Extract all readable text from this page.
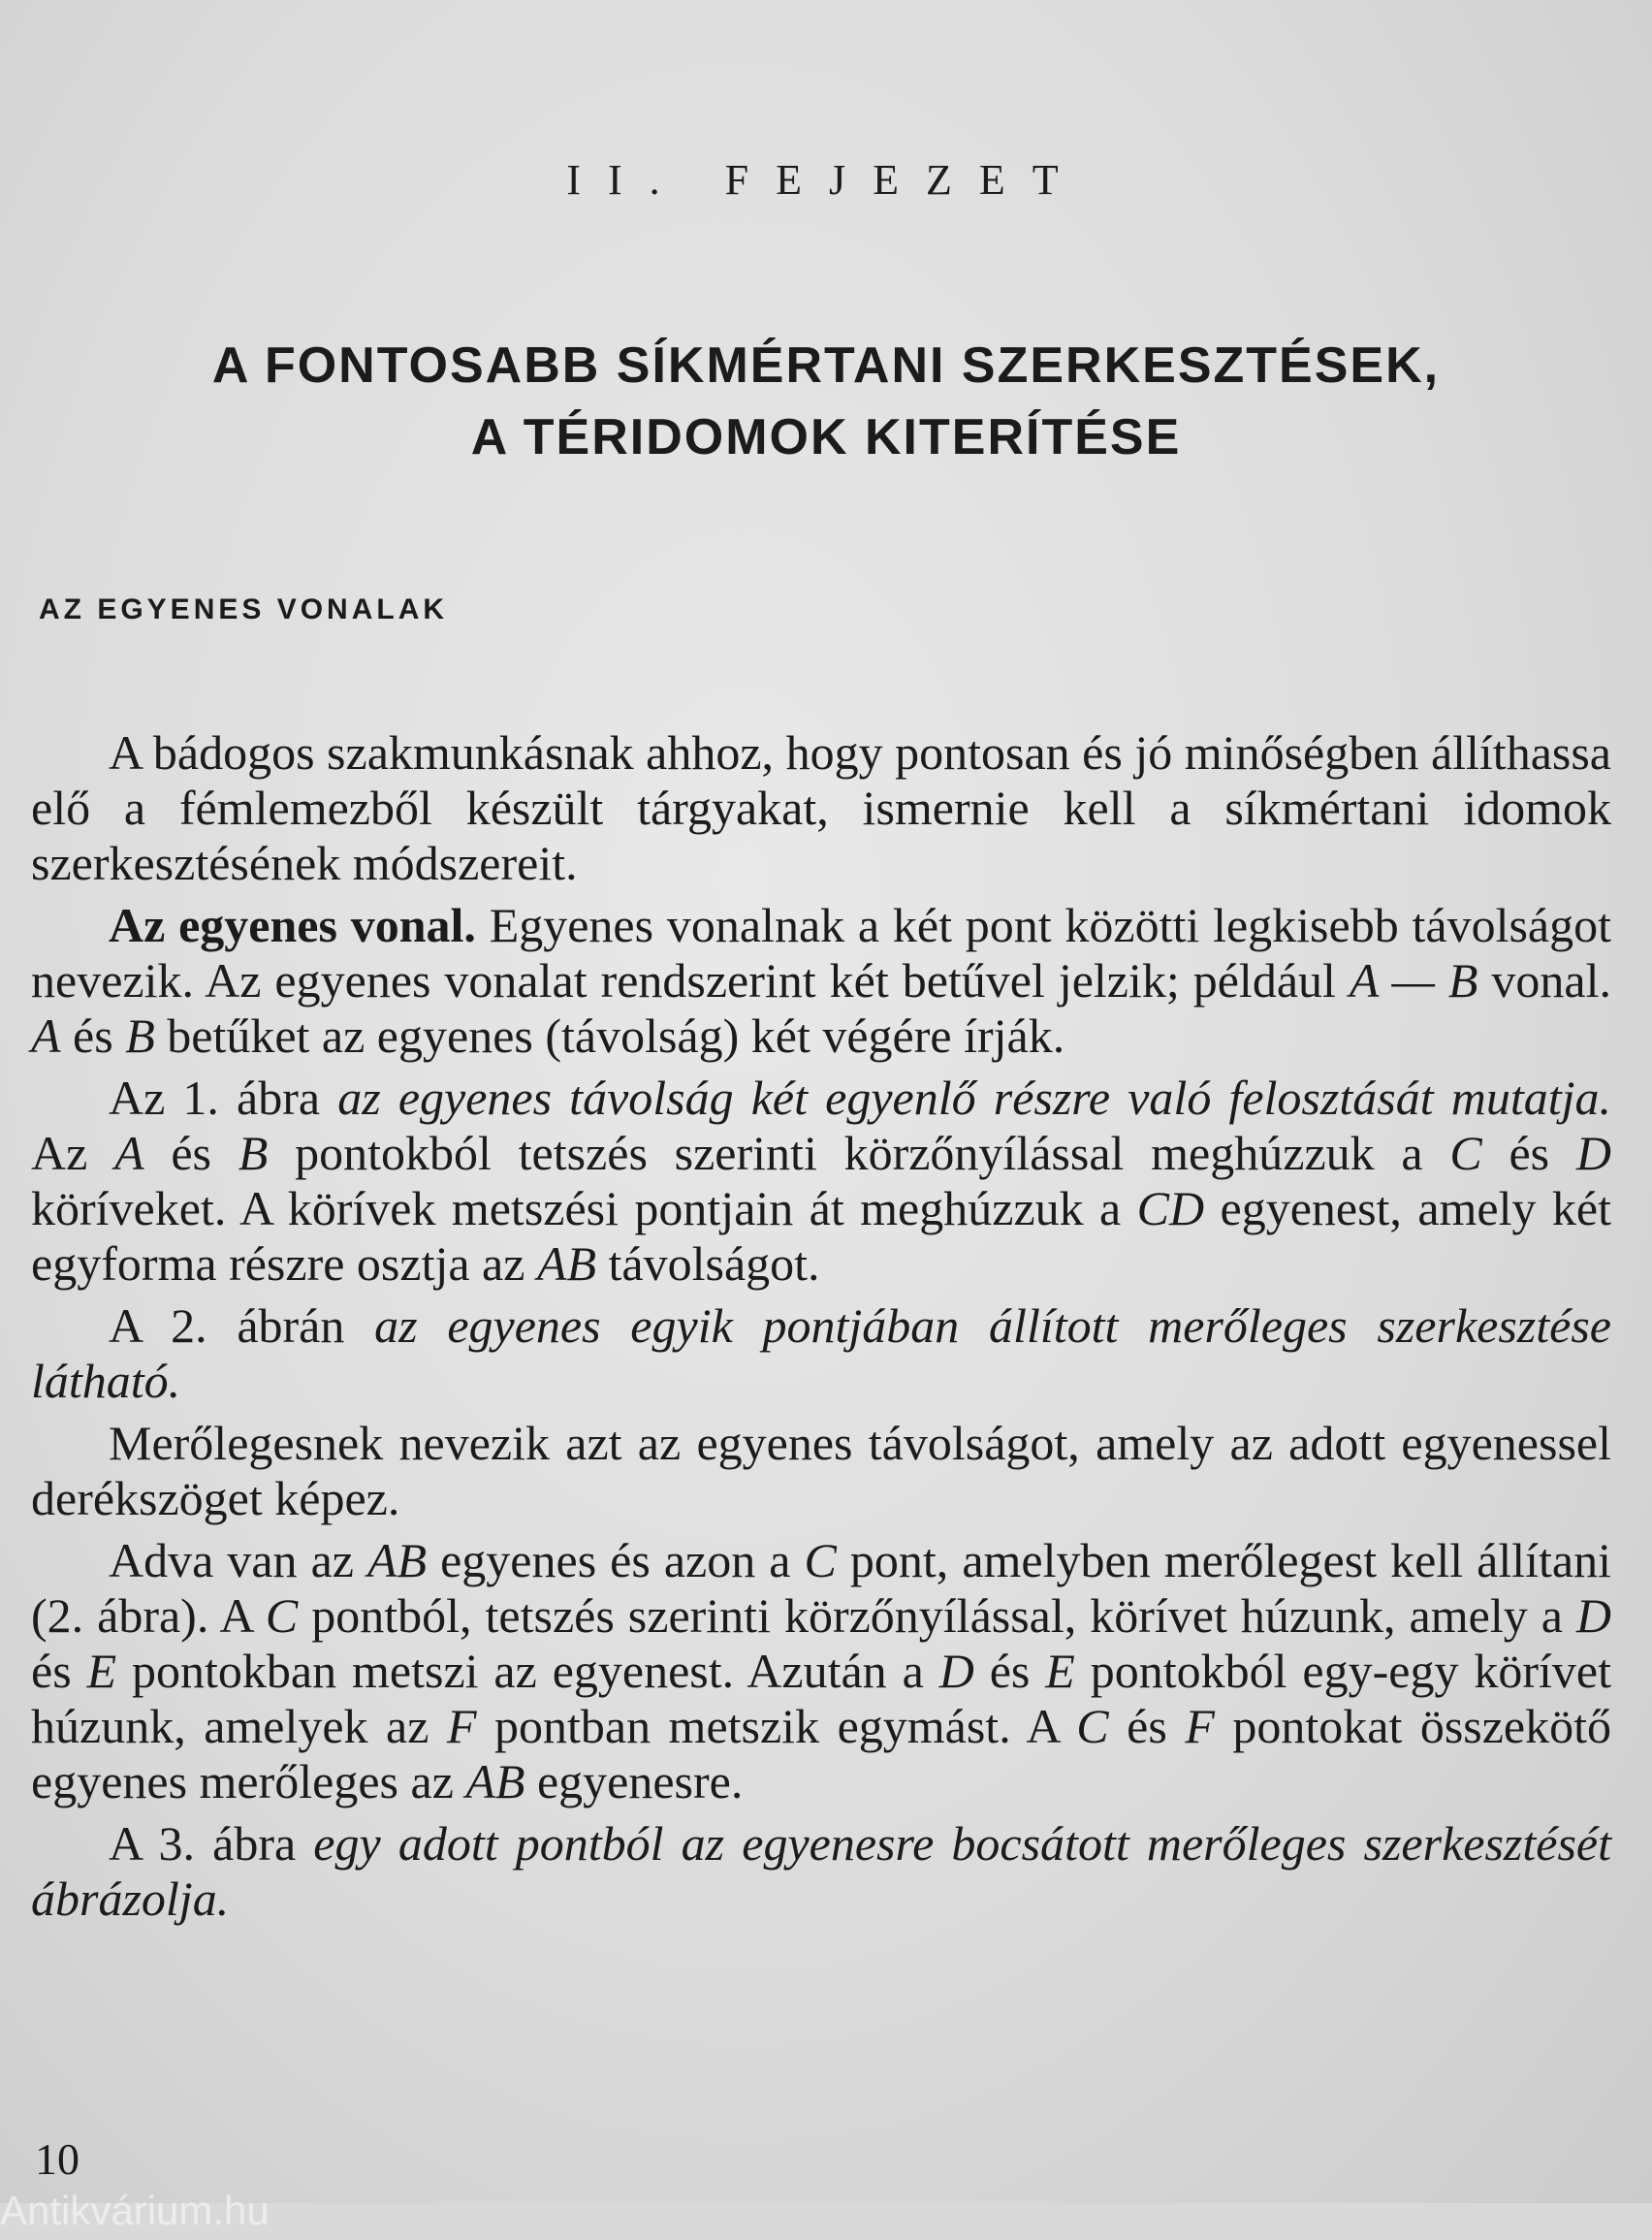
II. FEJEZET
A FONTOSABB SÍKMÉRTANI SZERKESZTÉSEK,
A TÉRIDOMOK KITERÍTÉSE
AZ EGYENES VONALAK

A bádogos szakmunkásnak ahhoz, hogy pontosan és jó minőségben állíthassa elő a fémlemezből készült tárgyakat, ismernie kell a síkmértani idomok szerkesztésének módszereit.

Az egyenes vonal. Egyenes vonalnak a két pont közötti legkisebb távolságot nevezik. Az egyenes vonalat rendszerint két betűvel jelzik; például A — B vonal. A és B betűket az egyenes (távolság) két végére írják.

Az 1. ábra az egyenes távolság két egyenlő részre való felosztását mutatja. Az A és B pontokból tetszés szerinti körzőnyílással meghúzzuk a C és D köríveket. A körívek metszési pontjain át meghúzzuk a CD egyenest, amely két egyforma részre osztja az AB távolságot.

A 2. ábrán az egyenes egyik pontjában állított merőleges szerkesztése látható.

Merőlegesnek nevezik azt az egyenes távolságot, amely az adott egyenessel derékszöget képez.

Adva van az AB egyenes és azon a C pont, amelyben merőlegest kell állítani (2. ábra). A C pontból, tetszés szerinti körzőnyílással, körívet húzunk, amely a D és E pontokban metszi az egyenest. Azután a D és E pontokból egy-egy körívet húzunk, amelyek az F pontban metszik egymást. A C és F pontokat összekötő egyenes merőleges az AB egyenesre.

A 3. ábra egy adott pontból az egyenesre bocsátott merőleges szerkesztését ábrázolja.

10
Antikvárium.hu
